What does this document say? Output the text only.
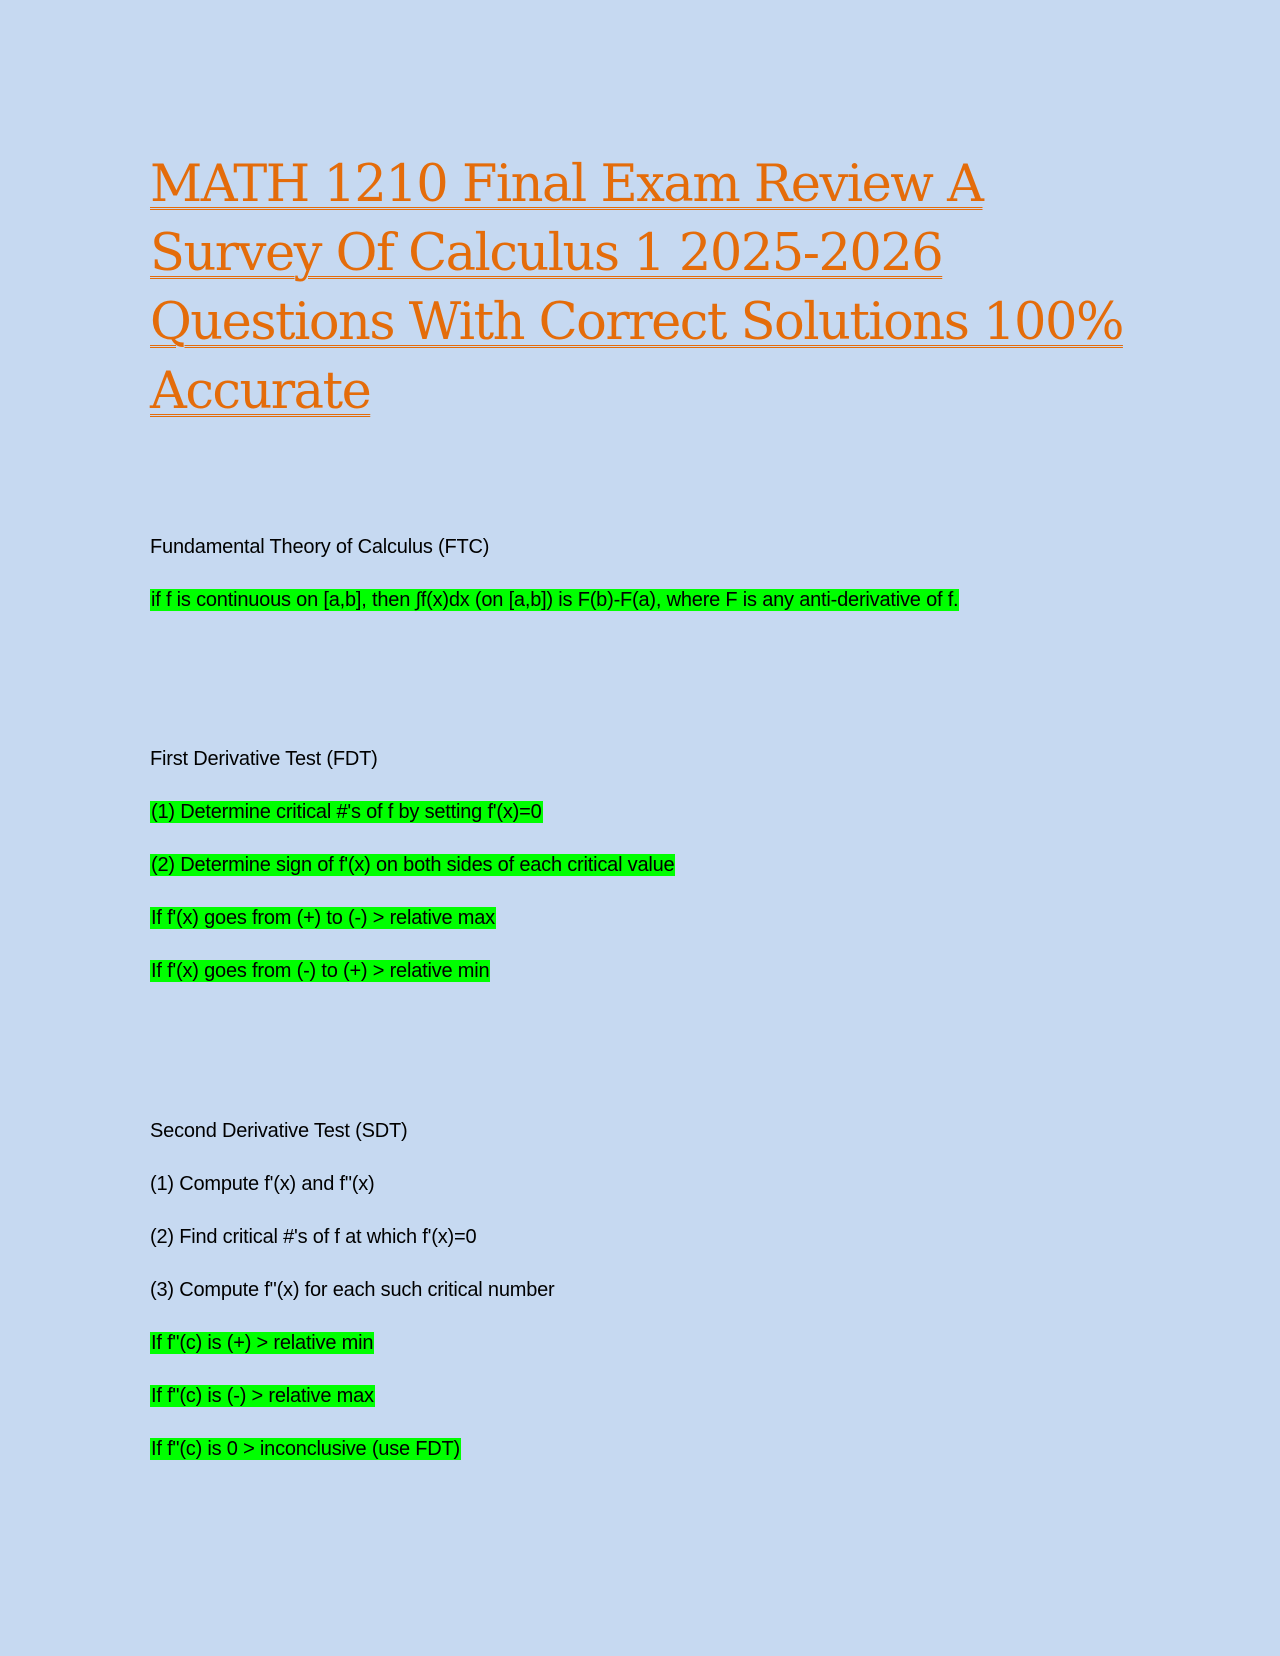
MATH 1210 Final Exam Review A
Survey Of Calculus 1 2025-2026
Questions With Correct Solutions 100%
Accurate
Fundamental Theory of Calculus (FTC)
if f is continuous on [a,b], then ∫f(x)dx (on [a,b]) is F(b)-F(a), where F is any anti-derivative of f.
First Derivative Test (FDT)
(1) Determine critical #'s of f by setting f'(x)=0
(2) Determine sign of f'(x) on both sides of each critical value
If f'(x) goes from (+) to (-) > relative max
If f'(x) goes from (-) to (+) > relative min
Second Derivative Test (SDT)
(1) Compute f'(x) and f"(x)
(2) Find critical #'s of f at which f'(x)=0
(3) Compute f"(x) for each such critical number
If f"(c) is (+) > relative min
If f"(c) is (-) > relative max
If f"(c) is 0 > inconclusive (use FDT)
